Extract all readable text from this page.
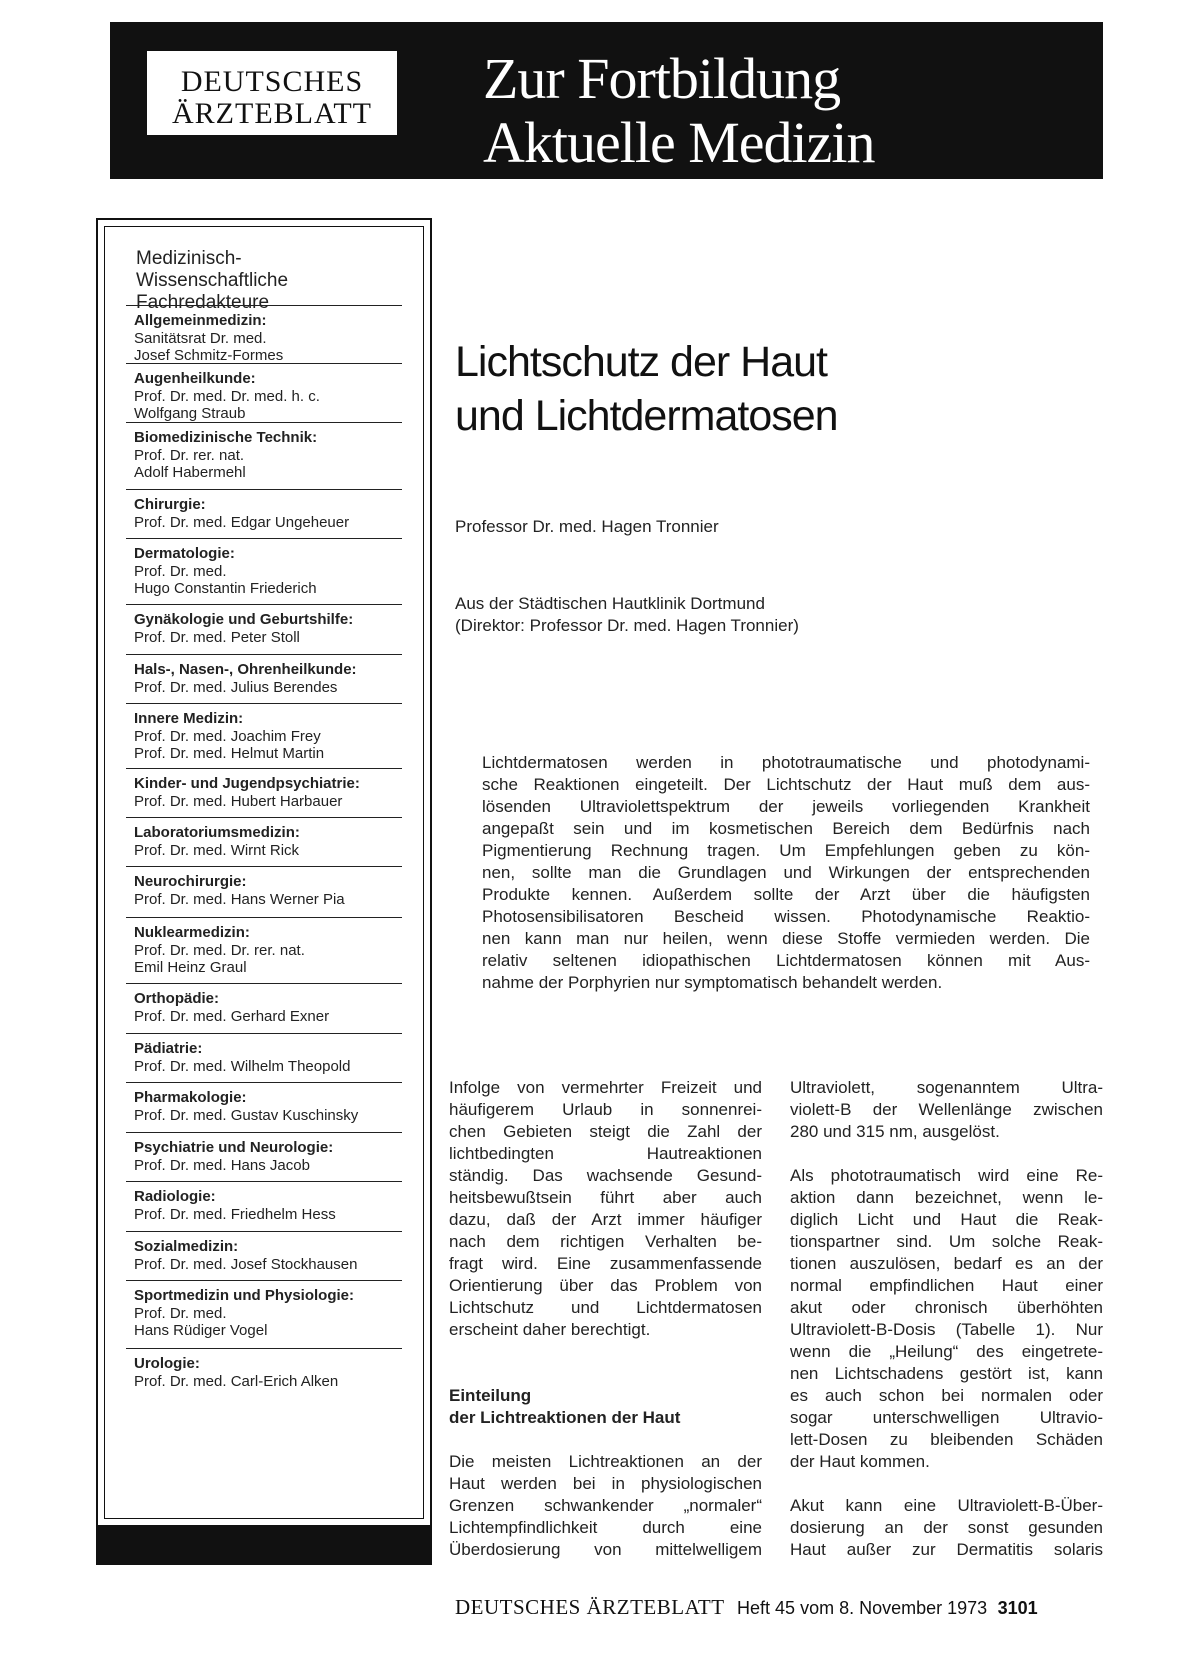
DEUTSCHES
ÄRZTEBLATT
Zur Fortbildung
Aktuelle Medizin
Medizinisch-
Wissenschaftliche
Fachredakteure
Allgemeinmedizin:
Sanitätsrat Dr. med.
Josef Schmitz-Formes
Augenheilkunde:
Prof. Dr. med. Dr. med. h. c.
Wolfgang Straub
Biomedizinische Technik:
Prof. Dr. rer. nat.
Adolf Habermehl
Chirurgie:
Prof. Dr. med. Edgar Ungeheuer
Dermatologie:
Prof. Dr. med.
Hugo Constantin Friederich
Gynäkologie und Geburtshilfe:
Prof. Dr. med. Peter Stoll
Hals-, Nasen-, Ohrenheilkunde:
Prof. Dr. med. Julius Berendes
Innere Medizin:
Prof. Dr. med. Joachim Frey
Prof. Dr. med. Helmut Martin
Kinder- und Jugendpsychiatrie:
Prof. Dr. med. Hubert Harbauer
Laboratoriumsmedizin:
Prof. Dr. med. Wirnt Rick
Neurochirurgie:
Prof. Dr. med. Hans Werner Pia
Nuklearmedizin:
Prof. Dr. med. Dr. rer. nat.
Emil Heinz Graul
Orthopädie:
Prof. Dr. med. Gerhard Exner
Pädiatrie:
Prof. Dr. med. Wilhelm Theopold
Pharmakologie:
Prof. Dr. med. Gustav Kuschinsky
Psychiatrie und Neurologie:
Prof. Dr. med. Hans Jacob
Radiologie:
Prof. Dr. med. Friedhelm Hess
Sozialmedizin:
Prof. Dr. med. Josef Stockhausen
Sportmedizin und Physiologie:
Prof. Dr. med.
Hans Rüdiger Vogel
Urologie:
Prof. Dr. med. Carl-Erich Alken
Lichtschutz der Haut
und Lichtdermatosen
Professor Dr. med. Hagen Tronnier
Aus der Städtischen Hautklinik Dortmund
(Direktor: Professor Dr. med. Hagen Tronnier)
Lichtdermatosen werden in phototraumatische und photodynami-
sche Reaktionen eingeteilt. Der Lichtschutz der Haut muß dem aus-
lösenden Ultraviolettspektrum der jeweils vorliegenden Krankheit
angepaßt sein und im kosmetischen Bereich dem Bedürfnis nach
Pigmentierung Rechnung tragen. Um Empfehlungen geben zu kön-
nen, sollte man die Grundlagen und Wirkungen der entsprechenden
Produkte kennen. Außerdem sollte der Arzt über die häufigsten
Photosensibilisatoren Bescheid wissen. Photodynamische Reaktio-
nen kann man nur heilen, wenn diese Stoffe vermieden werden. Die
relativ seltenen idiopathischen Lichtdermatosen können mit Aus-
nahme der Porphyrien nur symptomatisch behandelt werden.
Infolge von vermehrter Freizeit und
häufigerem Urlaub in sonnenrei-
chen Gebieten steigt die Zahl der
lichtbedingten Hautreaktionen
ständig. Das wachsende Gesund-
heitsbewußtsein führt aber auch
dazu, daß der Arzt immer häufiger
nach dem richtigen Verhalten be-
fragt wird. Eine zusammenfassende
Orientierung über das Problem von
Lichtschutz und Lichtdermatosen
erscheint daher berechtigt.
Einteilung
der Lichtreaktionen der Haut
Die meisten Lichtreaktionen an der
Haut werden bei in physiologischen
Grenzen schwankender „normaler“
Lichtempfindlichkeit durch eine
Überdosierung von mittelwelligem
Ultraviolett, sogenanntem Ultra-
violett-B der Wellenlänge zwischen
280 und 315 nm, ausgelöst.
Als phototraumatisch wird eine Re-
aktion dann bezeichnet, wenn le-
diglich Licht und Haut die Reak-
tionspartner sind. Um solche Reak-
tionen auszulösen, bedarf es an der
normal empfindlichen Haut einer
akut oder chronisch überhöhten
Ultraviolett-B-Dosis (Tabelle 1). Nur
wenn die „Heilung“ des eingetrete-
nen Lichtschadens gestört ist, kann
es auch schon bei normalen oder
sogar unterschwelligen Ultravio-
lett-Dosen zu bleibenden Schäden
der Haut kommen.
Akut kann eine Ultraviolett-B-Über-
dosierung an der sonst gesunden
Haut außer zur Dermatitis solaris
DEUTSCHES ÄRZTEBLATT Heft 45 vom 8. November 1973 3101
